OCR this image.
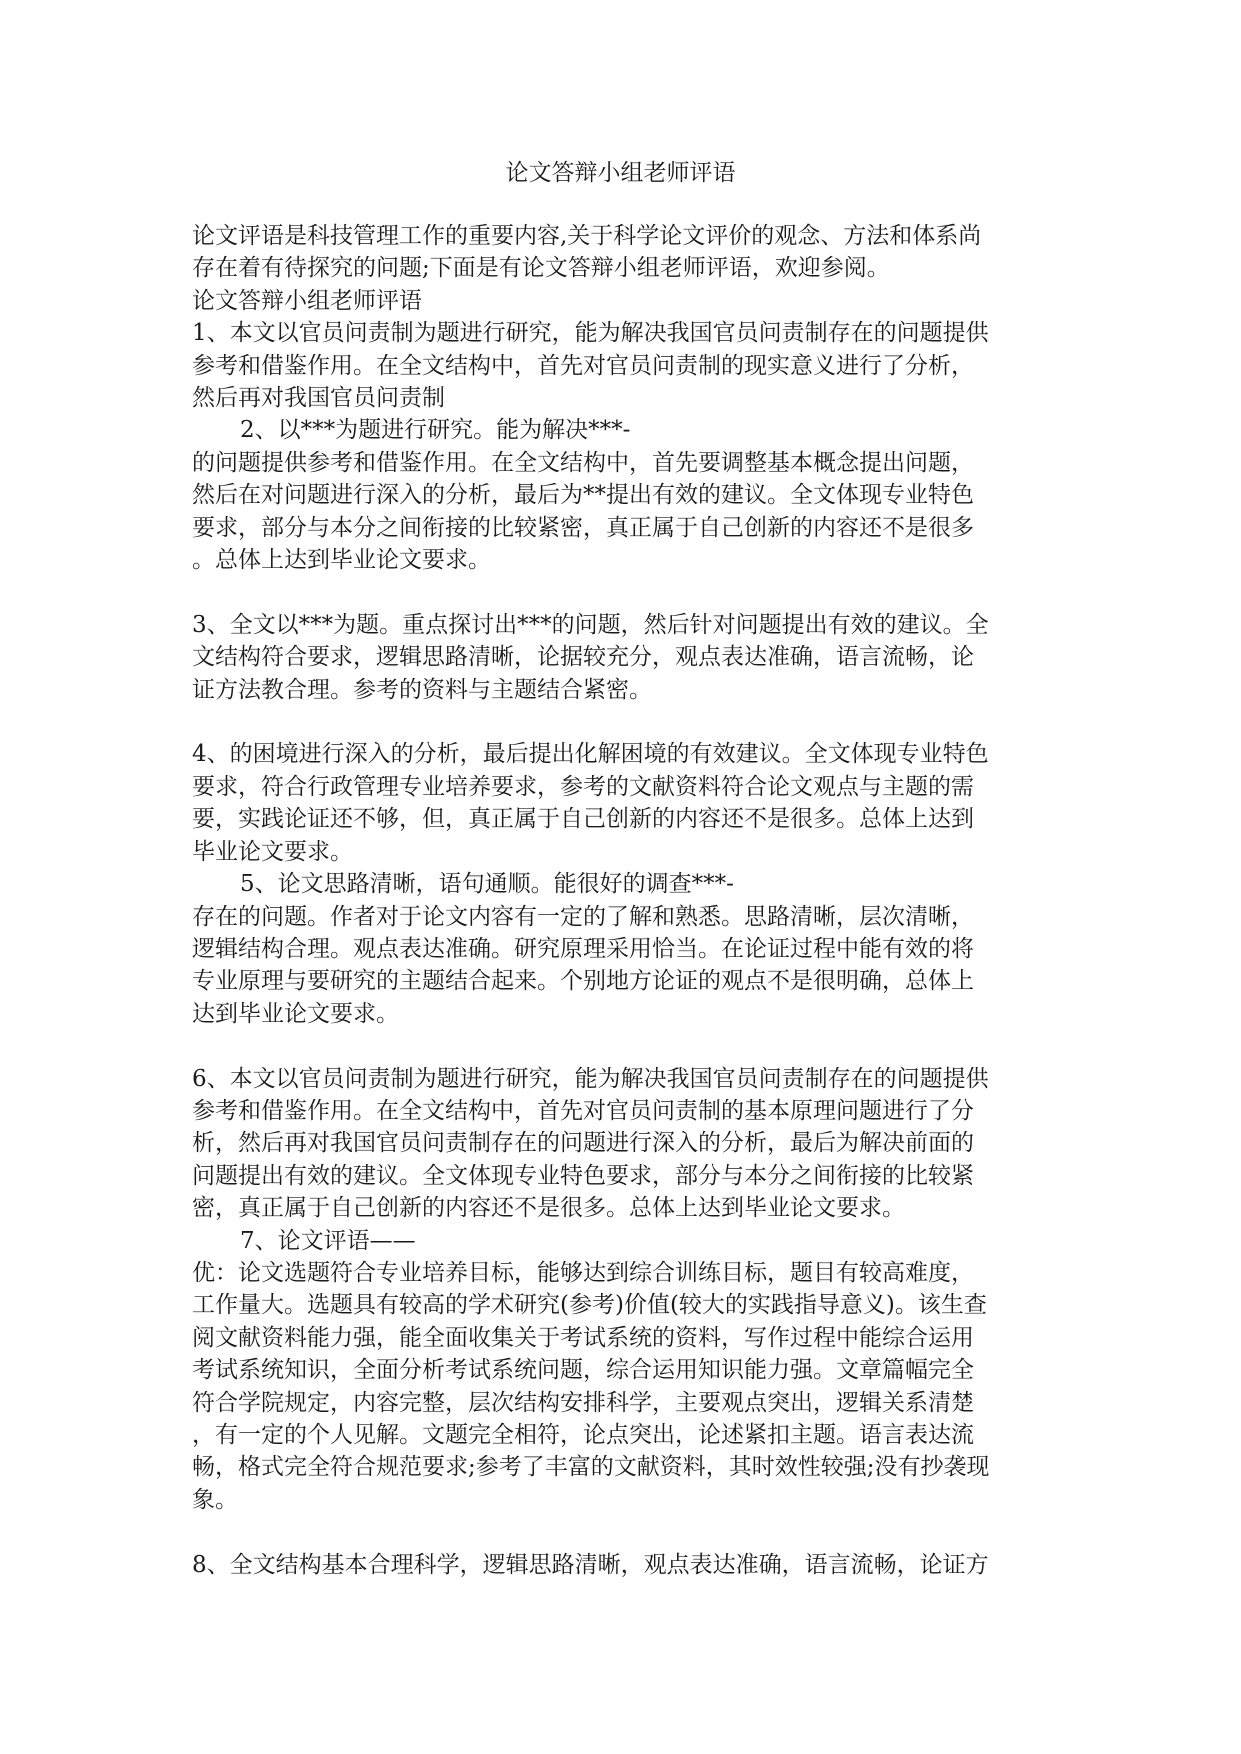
论文答辩小组老师评语

论文评语是科技管理工作的重要内容,关于科学论文评价的观念、方法和体系尚

存在着有待探究的问题;下面是有论文答辩小组老师评语，欢迎参阅。

论文答辩小组老师评语

1、本文以官员问责制为题进行研究，能为解决我国官员问责制存在的问题提供

参考和借鉴作用。在全文结构中，首先对官员问责制的现实意义进行了分析，

然后再对我国官员问责制

2、以***为题进行研究。能为解决***-

的问题提供参考和借鉴作用。在全文结构中，首先要调整基本概念提出问题，

然后在对问题进行深入的分析，最后为**提出有效的建议。全文体现专业特色

要求，部分与本分之间衔接的比较紧密，真正属于自己创新的内容还不是很多

。总体上达到毕业论文要求。

3、全文以***为题。重点探讨出***的问题，然后针对问题提出有效的建议。全

文结构符合要求，逻辑思路清晰，论据较充分，观点表达准确，语言流畅，论

证方法教合理。参考的资料与主题结合紧密。

4、的困境进行深入的分析，最后提出化解困境的有效建议。全文体现专业特色

要求，符合行政管理专业培养要求，参考的文献资料符合论文观点与主题的需

要，实践论证还不够，但，真正属于自己创新的内容还不是很多。总体上达到

毕业论文要求。

5、论文思路清晰，语句通顺。能很好的调查***-

存在的问题。作者对于论文内容有一定的了解和熟悉。思路清晰，层次清晰，

逻辑结构合理。观点表达准确。研究原理采用恰当。在论证过程中能有效的将

专业原理与要研究的主题结合起来。个别地方论证的观点不是很明确，总体上

达到毕业论文要求。

6、本文以官员问责制为题进行研究，能为解决我国官员问责制存在的问题提供

参考和借鉴作用。在全文结构中，首先对官员问责制的基本原理问题进行了分

析，然后再对我国官员问责制存在的问题进行深入的分析，最后为解决前面的

问题提出有效的建议。全文体现专业特色要求，部分与本分之间衔接的比较紧

密，真正属于自己创新的内容还不是很多。总体上达到毕业论文要求。

7、论文评语——

优：论文选题符合专业培养目标，能够达到综合训练目标，题目有较高难度，

工作量大。选题具有较高的学术研究(参考)价值(较大的实践指导意义)。该生查

阅文献资料能力强，能全面收集关于考试系统的资料，写作过程中能综合运用

考试系统知识，全面分析考试系统问题，综合运用知识能力强。文章篇幅完全

符合学院规定，内容完整，层次结构安排科学，主要观点突出，逻辑关系清楚

，有一定的个人见解。文题完全相符，论点突出，论述紧扣主题。语言表达流

畅，格式完全符合规范要求;参考了丰富的文献资料，其时效性较强;没有抄袭现

象。

8、全文结构基本合理科学，逻辑思路清晰，观点表达准确，语言流畅，论证方
